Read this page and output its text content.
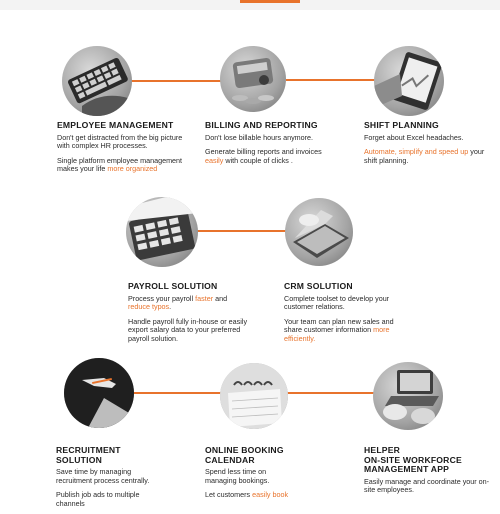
EMPLOYEE MANAGEMENT

Don't get distracted from the big picture with complex HR processes.

Single platform employee management makes your life more organized

BILLING AND REPORTING

Don't lose billable hours anymore.

Generate billing reports and invoices easily with couple of clicks .

SHIFT PLANNING

Forget about Excel headaches.

Automate, simplify and speed up your shift planning.

PAYROLL SOLUTION

Process your payroll faster and reduce typos.

Handle payroll fully in-house or easily export salary data to your preferred payroll solution.

CRM SOLUTION

Complete toolset to develop your customer relations.

Your team can plan new sales and share customer information more efficiently.

RECRUITMENT SOLUTION

Save time by managing recruitment process centrally.

Publish job ads to multiple channels

ONLINE BOOKING
CALENDAR

Spend less time on managing bookings.

Let customers easily book

HELPER
ON-SITE WORKFORCE
MANAGEMENT APP

Easily manage and coordinate your on-site employees.
